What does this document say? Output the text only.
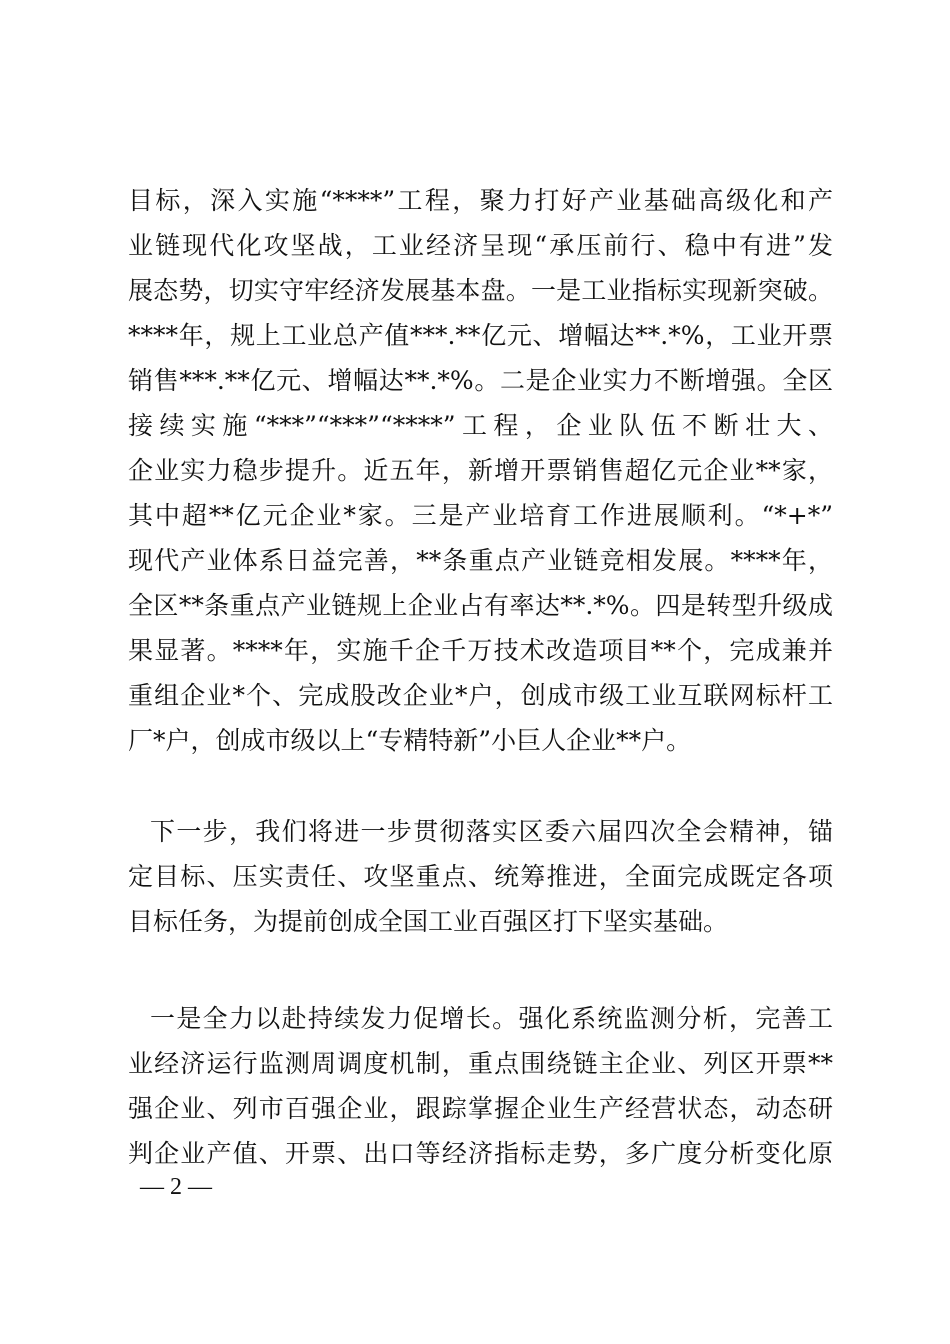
目标，深入实施“****”工程，聚力打好产业基础高级化和产
业链现代化攻坚战，工业经济呈现“承压前行、稳中有进”发
展态势，切实守牢经济发展基本盘。一是工业指标实现新突破。
****年，规上工业总产值***.**亿元、增幅达**.*%，工业开票
销售***.**亿元、增幅达**.*%。二是企业实力不断增强。全区
接续实施“***”“***”“****”工程，企业队伍不断壮大、
企业实力稳步提升。近五年，新增开票销售超亿元企业**家，
其中超**亿元企业*家。三是产业培育工作进展顺利。“*+*”
现代产业体系日益完善，**条重点产业链竞相发展。****年，
全区**条重点产业链规上企业占有率达**.*%。四是转型升级成
果显著。****年，实施千企千万技术改造项目**个，完成兼并
重组企业*个、完成股改企业*户，创成市级工业互联网标杆工
厂*户，创成市级以上“专精特新”小巨人企业**户。
下一步，我们将进一步贯彻落实区委六届四次全会精神，锚
定目标、压实责任、攻坚重点、统筹推进，全面完成既定各项
目标任务，为提前创成全国工业百强区打下坚实基础。
一是全力以赴持续发力促增长。强化系统监测分析，完善工
业经济运行监测周调度机制，重点围绕链主企业、列区开票**
强企业、列市百强企业，跟踪掌握企业生产经营状态，动态研
判企业产值、开票、出口等经济指标走势，多广度分析变化原
— 2 —
